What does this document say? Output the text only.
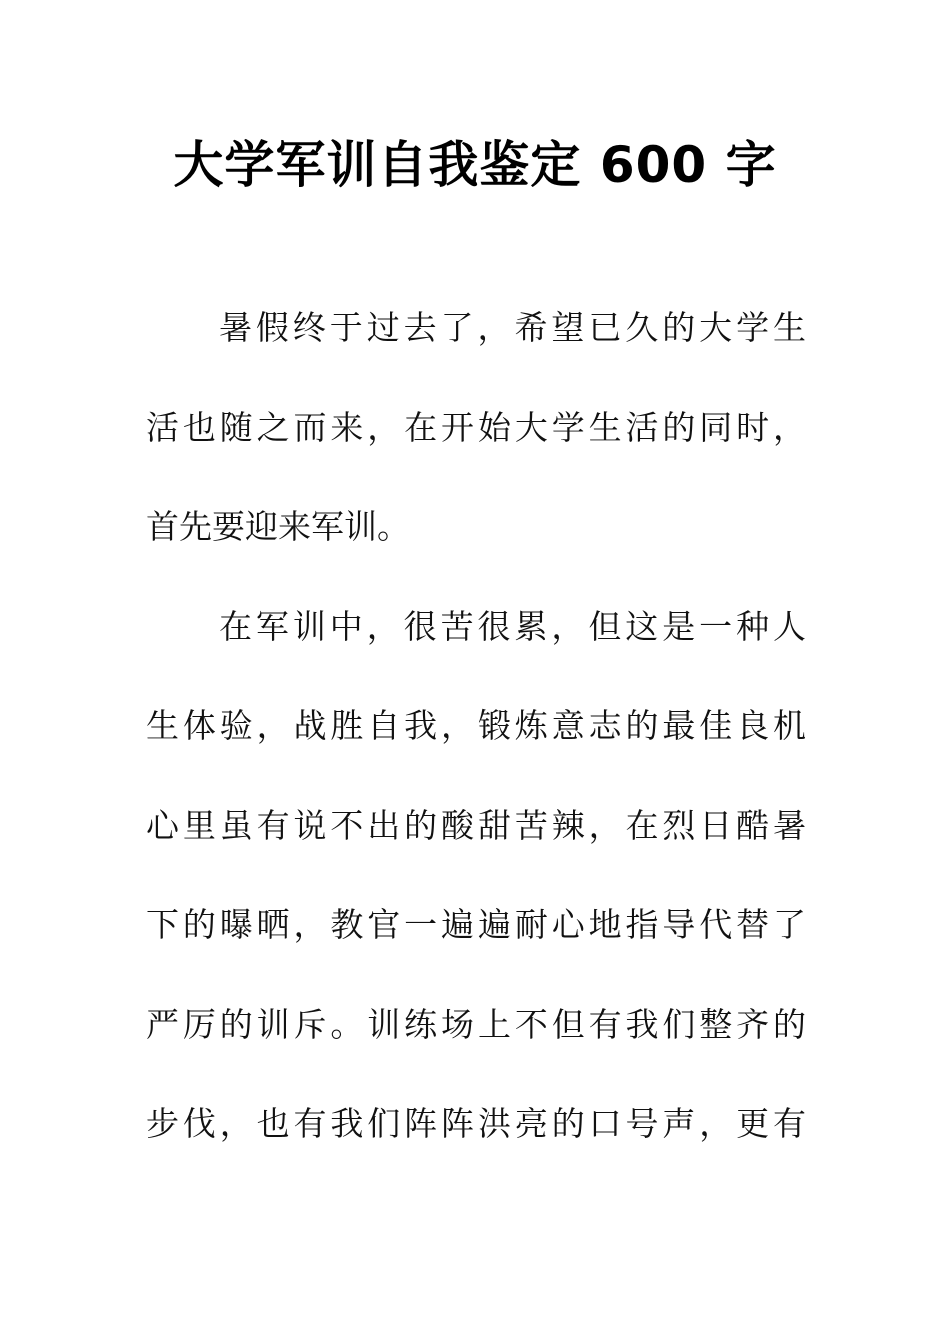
大学军训自我鉴定 600 字
暑假终于过去了，希望已久的大学生
活也随之而来，在开始大学生活的同时，
首先要迎来军训。
在军训中，很苦很累，但这是一种人
生体验，战胜自我，锻炼意志的最佳良机
心里虽有说不出的酸甜苦辣，在烈日酷暑
下的曝晒，教官一遍遍耐心地指导代替了
严厉的训斥。训练场上不但有我们整齐的
步伐，也有我们阵阵洪亮的口号声，更有
